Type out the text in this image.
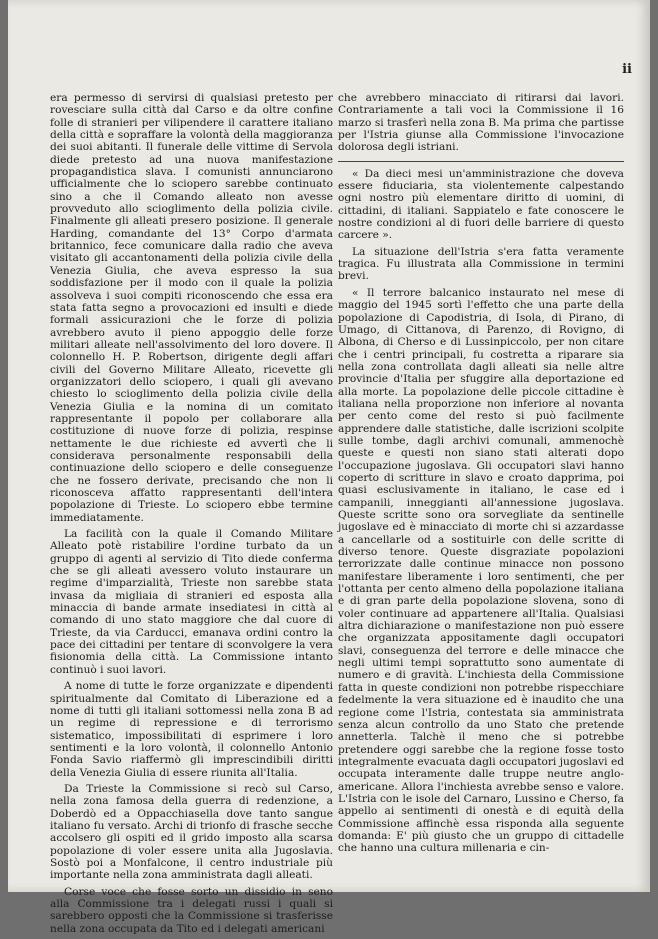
ii

era permesso di servirsi di qualsiasi pretesto per rovesciare sulla città dal Carso e da oltre confine folle di stranieri per vilipendere il carattere italiano della città e sopraffare la volontà della maggioranza dei suoi abitanti. Il funerale delle vittime di Servola diede pretesto ad una nuova manifestazione propagandistica slava. I comunisti annunciarono ufficialmente che lo sciopero sarebbe continuato sino a che il Comando alleato non avesse provveduto allo scioglimento della polizia civile. Finalmente gli alleati presero posizione. Il generale Harding, comandante del 13° Corpo d'armata britannico, fece comunicare dalla radio che aveva visitato gli accantonamenti della polizia civile della Venezia Giulia, che aveva espresso la sua soddisfazione per il modo con il quale la polizia assolveva i suoi compiti riconoscendo che essa era stata fatta segno a provocazioni ed insulti e diede formali assicurazioni che le forze di polizia avrebbero avuto il pieno appoggio delle forze militari alleate nell'assolvimento del loro dovere. Il colonnello H. P. Robertson, dirigente degli affari civili del Governo Militare Alleato, ricevette gli organizzatori dello sciopero, i quali gli avevano chiesto lo scioglimento della polizia civile della Venezia Giulia e la nomina di un comitato rappresentante il popolo per collaborare alla costituzione di nuove forze di polizia, respinse nettamente le due richieste ed avvertì che li considerava personalmente responsabili della continuazione dello sciopero e delle conseguenze che ne fossero derivate, precisando che non li riconosceva affatto rappresentanti dell'intera popolazione di Trieste. Lo sciopero ebbe termine immediatamente.

La facilità con la quale il Comando Militare Alleato potè ristabilire l'ordine turbato da un gruppo di agenti al servizio di Tito diede conferma che se gli alleati avessero voluto instaurare un regime d'imparzialità, Trieste non sarebbe stata invasa da migliaia di stranieri ed esposta alla minaccia di bande armate insediatesi in città al comando di uno stato maggiore che dal cuore di Trieste, da via Carducci, emanava ordini contro la pace dei cittadini per tentare di sconvolgere la vera fisionomia della città. La Commissione intanto continuò i suoi lavori.

A nome di tutte le forze organizzate e dipendenti spiritualmente dal Comitato di Liberazione ed a nome di tutti gli italiani sottomessi nella zona B ad un regime di repressione e di terrorismo sistematico, impossibilitati di esprimere i loro sentimenti e la loro volontà, il colonnello Antonio Fonda Savio riaffermò gli imprescindibili diritti della Venezia Giulia di essere riunita all'Italia.

Da Trieste la Commissione si recò sul Carso, nella zona famosa della guerra di redenzione, a Doberdò ed a Oppacchiasella dove tanto sangue italiano fu versato. Archi di trionfo di frasche secche accolsero gli ospiti ed il grido imposto alla scarsa popolazione di voler essere unita alla Jugoslavia. Sostò poi a Monfalcone, il centro industriale più importante nella zona amministrata dagli alleati.

Corse voce che fosse sorto un dissidio in seno alla Commissione tra i delegati russi i quali si sarebbero opposti che la Commissione si trasferisse nella zona occupata da Tito ed i delegati americani

che avrebbero minacciato di ritirarsi dai lavori. Contrariamente a tali voci la Commissione il 16 marzo si trasferì nella zona B. Ma prima che partisse per l'Istria giunse alla Commissione l'invocazione dolorosa degli istriani.

« Da dieci mesi un'amministrazione che doveva essere fiduciaria, sta violentemente calpestando ogni nostro più elementare diritto di uomini, di cittadini, di italiani. Sappiatelo e fate conoscere le nostre condizioni al di fuori delle barriere di questo carcere ».

La situazione dell'Istria s'era fatta veramente tragica. Fu illustrata alla Commissione in termini brevi.

« Il terrore balcanico instaurato nel mese di maggio del 1945 sortì l'effetto che una parte della popolazione di Capodistria, di Isola, di Pirano, di Umago, di Cittanova, di Parenzo, di Rovigno, di Albona, di Cherso e di Lussinpiccolo, per non citare che i centri principali, fu costretta a riparare sia nella zona controllata dagli alleati sia nelle altre provincie d'Italia per sfuggire alla deportazione ed alla morte. La popolazione delle piccole cittadine è italiana nella proporzione non inferiore al novanta per cento come del resto si può facilmente apprendere dalle statistiche, dalle iscrizioni scolpite sulle tombe, dagli archivi comunali, ammenochè queste e questi non siano stati alterati dopo l'occupazione jugoslava. Gli occupatori slavi hanno coperto di scritture in slavo e croato dapprima, poi quasi esclusivamente in italiano, le case ed i campanili, inneggianti all'annessione jugoslava. Queste scritte sono ora sorvegliate da sentinelle jugoslave ed è minacciato di morte chi si azzardasse a cancellarle od a sostituirle con delle scritte di diverso tenore. Queste disgraziate popolazioni terrorizzate dalle continue minacce non possono manifestare liberamente i loro sentimenti, che per l'ottanta per cento almeno della popolazione italiana e di gran parte della popolazione slovena, sono di voler continuare ad appartenere all'Italia. Qualsiasi altra dichiarazione o manifestazione non può essere che organizzata appositamente dagli occupatori slavi, conseguenza del terrore e delle minacce che negli ultimi tempi soprattutto sono aumentate di numero e di gravità. L'inchiesta della Commissione fatta in queste condizioni non potrebbe rispecchiare fedelmente la vera situazione ed è inaudito che una regione come l'Istria, contestata sia amministrata senza alcun controllo da uno Stato che pretende annetterla. Talchè il meno che si potrebbe pretendere oggi sarebbe che la regione fosse tosto integralmente evacuata dagli occupatori jugoslavi ed occupata interamente dalle truppe neutre anglo-americane. Allora l'inchiesta avrebbe senso e valore. L'Istria con le isole del Carnaro, Lussino e Cherso, fa appello ai sentimenti di onestà e di equità della Commissione affinchè essa risponda alla seguente domanda: E' più giusto che un gruppo di cittadelle che hanno una cultura millenaria e cin-
